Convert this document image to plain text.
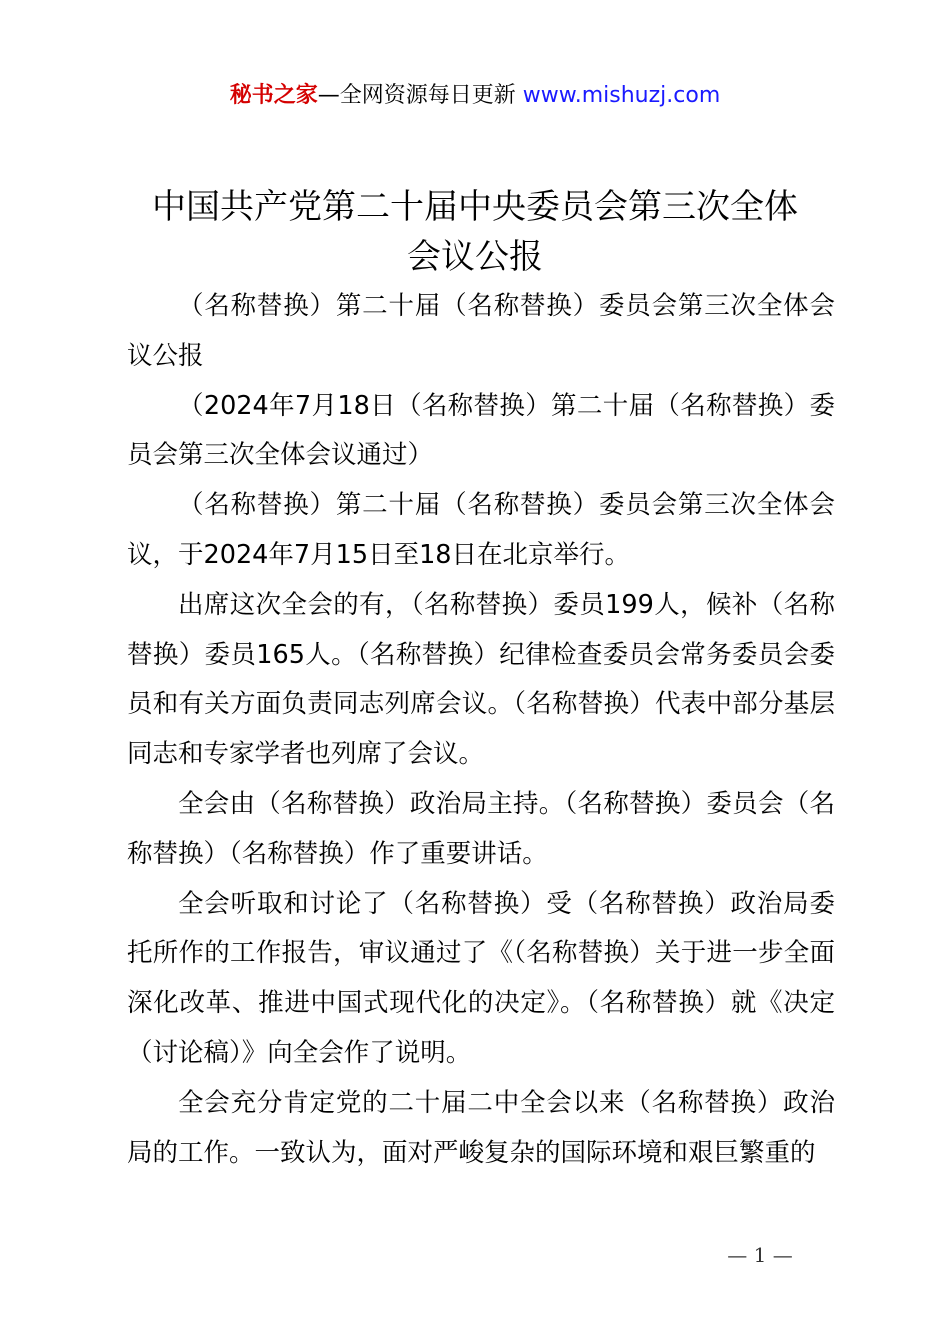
秘书之家—全网资源每日更新 www.mishuzj.com
中国共产党第二十届中央委员会第三次全体
会议公报

（名称替换）第二十届（名称替换）委员会第三次全体会议公报

（2024年7月18日（名称替换）第二十届（名称替换）委员会第三次全体会议通过）

（名称替换）第二十届（名称替换）委员会第三次全体会议，于2024年7月15日至18日在北京举行。

出席这次全会的有，（名称替换）委员199人，候补（名称替换）委员165人。（名称替换）纪律检查委员会常务委员会委员和有关方面负责同志列席会议。（名称替换）代表中部分基层同志和专家学者也列席了会议。

全会由（名称替换）政治局主持。（名称替换）委员会（名称替换）（名称替换）作了重要讲话。

全会听取和讨论了（名称替换）受（名称替换）政治局委托所作的工作报告，审议通过了《（名称替换）关于进一步全面深化改革、推进中国式现代化的决定》。（名称替换）就《决定（讨论稿）》向全会作了说明。

全会充分肯定党的二十届二中全会以来（名称替换）政治局的工作。一致认为，面对严峻复杂的国际环境和艰巨繁重的

— 1 —
